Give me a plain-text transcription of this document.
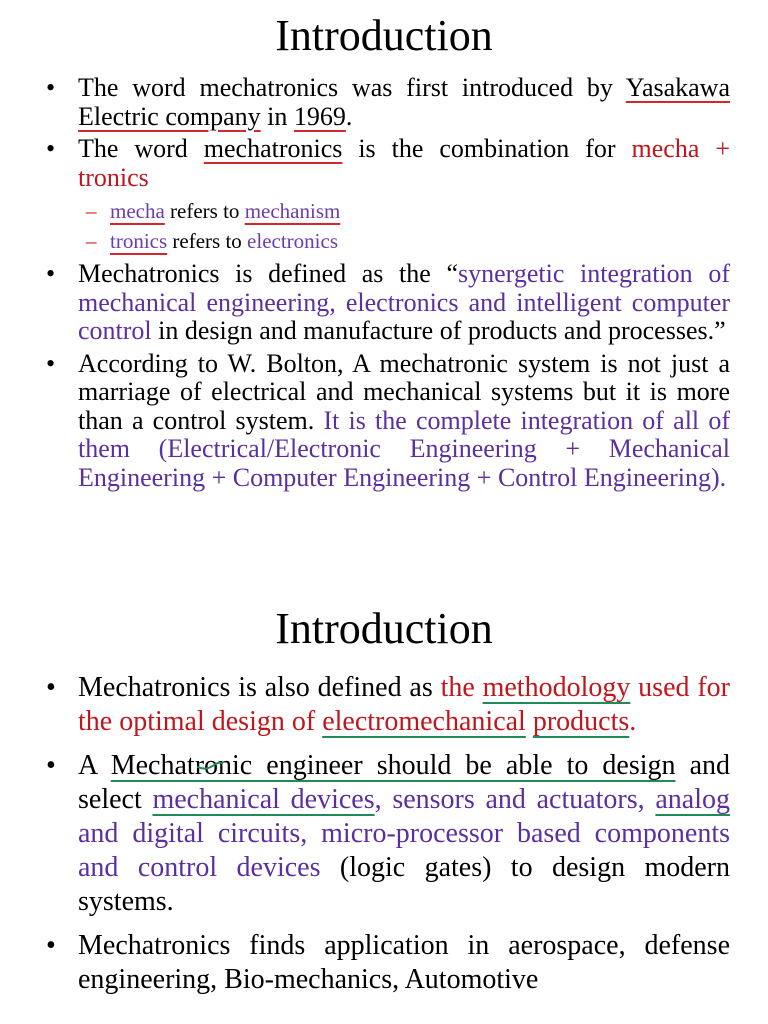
Introduction
• The word mechatronics was first introduced by Yasakawa Electric company in 1969.
• The word mechatronics is the combination for mecha + tronics
– mecha refers to mechanism
– tronics refers to electronics
• Mechatronics is defined as the “synergetic integration of mechanical engineering, electronics and intelligent computer control in design and manufacture of products and processes.”
• According to W. Bolton, A mechatronic system is not just a marriage of electrical and mechanical systems but it is more than a control system. It is the complete integration of all of them (Electrical/Electronic Engineering + Mechanical Engineering + Computer Engineering + Control Engineering).
Introduction
• Mechatronics is also defined as the methodology used for the optimal design of electromechanical products.
• A Mechatronic engineer should be able to design and select mechanical devices, sensors and actuators, analog and digital circuits, micro-processor based components and control devices (logic gates) to design modern systems.
• Mechatronics finds application in aerospace, defense engineering, Bio-mechanics, Automotive
